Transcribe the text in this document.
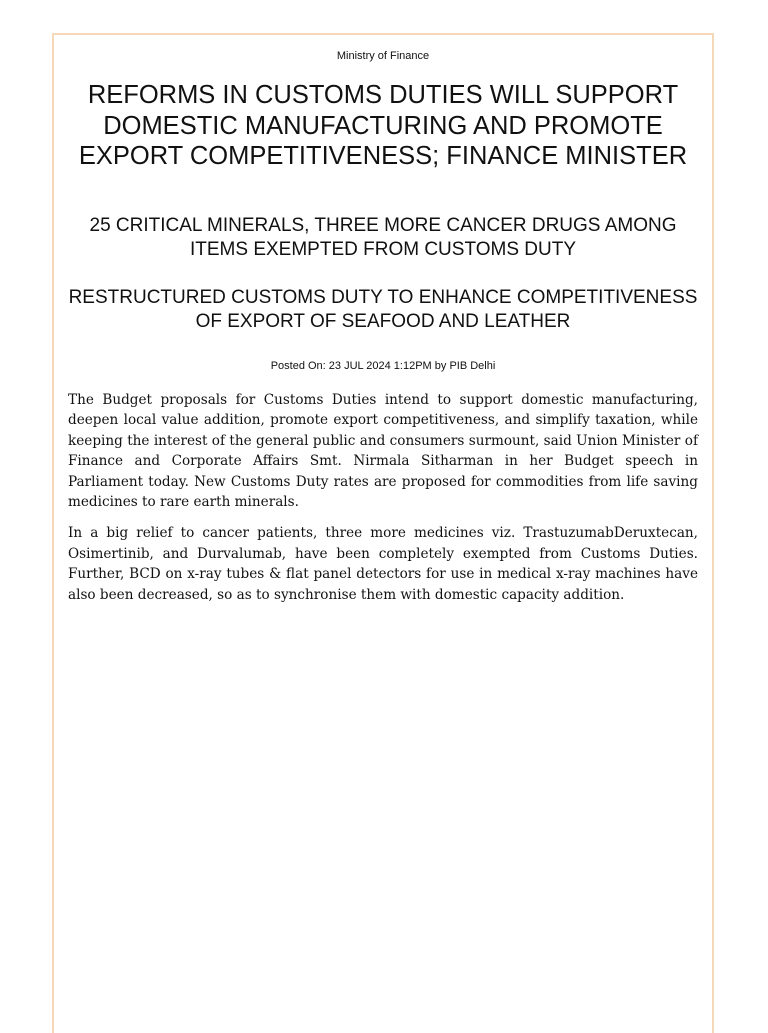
Ministry of Finance
REFORMS IN CUSTOMS DUTIES WILL SUPPORT DOMESTIC MANUFACTURING AND PROMOTE EXPORT COMPETITIVENESS; FINANCE MINISTER
25 CRITICAL MINERALS, THREE MORE CANCER DRUGS AMONG ITEMS EXEMPTED FROM CUSTOMS DUTY
RESTRUCTURED CUSTOMS DUTY TO ENHANCE COMPETITIVENESS OF EXPORT OF SEAFOOD AND LEATHER
Posted On: 23 JUL 2024 1:12PM by PIB Delhi

The Budget proposals for Customs Duties intend to support domestic manufacturing, deepen local value addition, promote export competitiveness, and simplify taxation, while keeping the interest of the general public and consumers surmount, said Union Minister of Finance and Corporate Affairs Smt. Nirmala Sitharman in her Budget speech in Parliament today. New Customs Duty rates are proposed for commodities from life saving medicines to rare earth minerals.

In a big relief to cancer patients, three more medicines viz. TrastuzumabDeruxtecan, Osimertinib, and Durvalumab, have been completely exempted from Customs Duties. Further, BCD on x-ray tubes & flat panel detectors for use in medical x-ray machines have also been decreased, so as to synchronise them with domestic capacity addition.
